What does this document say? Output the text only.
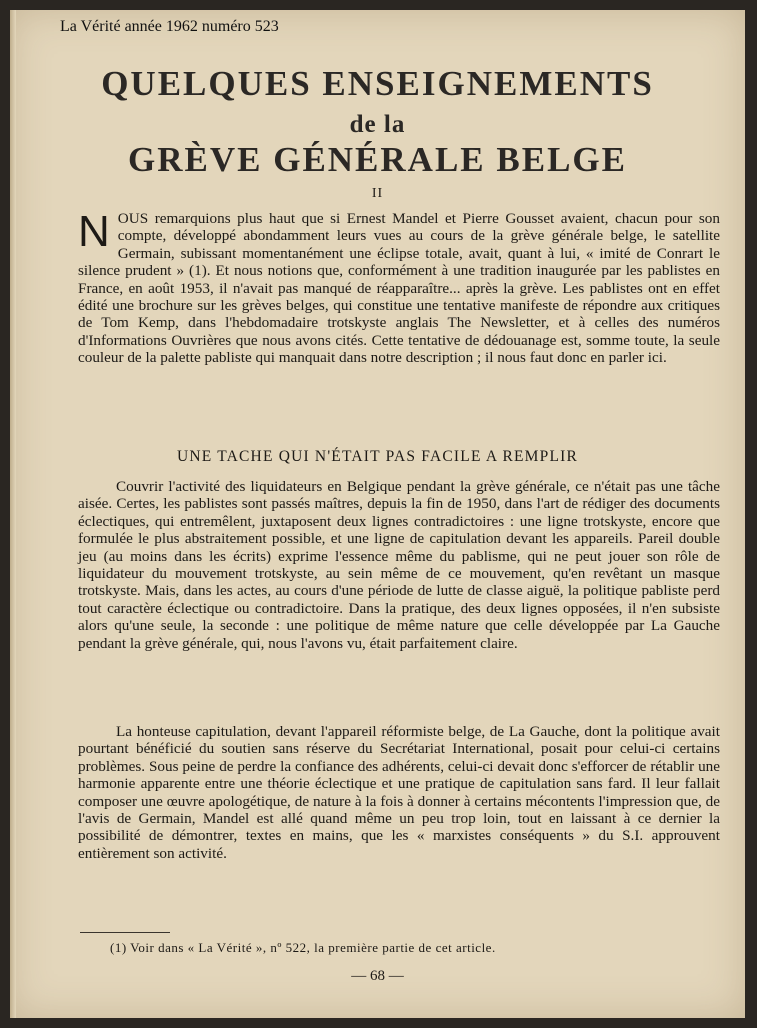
La Vérité année 1962 numéro 523
QUELQUES ENSEIGNEMENTS
de la
GRÈVE GÉNÉRALE BELGE
II
NOUS remarquions plus haut que si Ernest Mandel et Pierre Gousset avaient, chacun pour son compte, développé abondamment leurs vues au cours de la grève générale belge, le satellite Germain, subissant momentanément une éclipse totale, avait, quant à lui, « imité de Conrart le silence prudent » (1). Et nous notions que, conformément à une tradition inaugurée par les pablistes en France, en août 1953, il n'avait pas manqué de réapparaître... après la grève. Les pablistes ont en effet édité une brochure sur les grèves belges, qui constitue une tentative manifeste de répondre aux critiques de Tom Kemp, dans l'hebdomadaire trotskyste anglais The Newsletter, et à celles des numéros d'Informations Ouvrières que nous avons cités. Cette tentative de dédouanage est, somme toute, la seule couleur de la palette pabliste qui manquait dans notre description ; il nous faut donc en parler ici.
UNE TACHE QUI N'ÉTAIT PAS FACILE A REMPLIR
Couvrir l'activité des liquidateurs en Belgique pendant la grève générale, ce n'était pas une tâche aisée. Certes, les pablistes sont passés maîtres, depuis la fin de 1950, dans l'art de rédiger des documents éclectiques, qui entremêlent, juxtaposent deux lignes contradictoires : une ligne trotskyste, encore que formulée le plus abstraitement possible, et une ligne de capitulation devant les appareils. Pareil double jeu (au moins dans les écrits) exprime l'essence même du pablisme, qui ne peut jouer son rôle de liquidateur du mouvement trotskyste, au sein même de ce mouvement, qu'en revêtant un masque trotskyste. Mais, dans les actes, au cours d'une période de lutte de classe aiguë, la politique pabliste perd tout caractère éclectique ou contradictoire. Dans la pratique, des deux lignes opposées, il n'en subsiste alors qu'une seule, la seconde : une politique de même nature que celle développée par La Gauche pendant la grève générale, qui, nous l'avons vu, était parfaitement claire.
La honteuse capitulation, devant l'appareil réformiste belge, de La Gauche, dont la politique avait pourtant bénéficié du soutien sans réserve du Secrétariat International, posait pour celui-ci certains problèmes. Sous peine de perdre la confiance des adhérents, celui-ci devait donc s'efforcer de rétablir une harmonie apparente entre une théorie éclectique et une pratique de capitulation sans fard. Il leur fallait composer une œuvre apologétique, de nature à la fois à donner à certains mécontents l'impression que, de l'avis de Germain, Mandel est allé quand même un peu trop loin, tout en laissant à ce dernier la possibilité de démontrer, textes en mains, que les « marxistes conséquents » du S.I. approuvent entièrement son activité.
(1) Voir dans « La Vérité », nº 522, la première partie de cet article.
— 68 —
